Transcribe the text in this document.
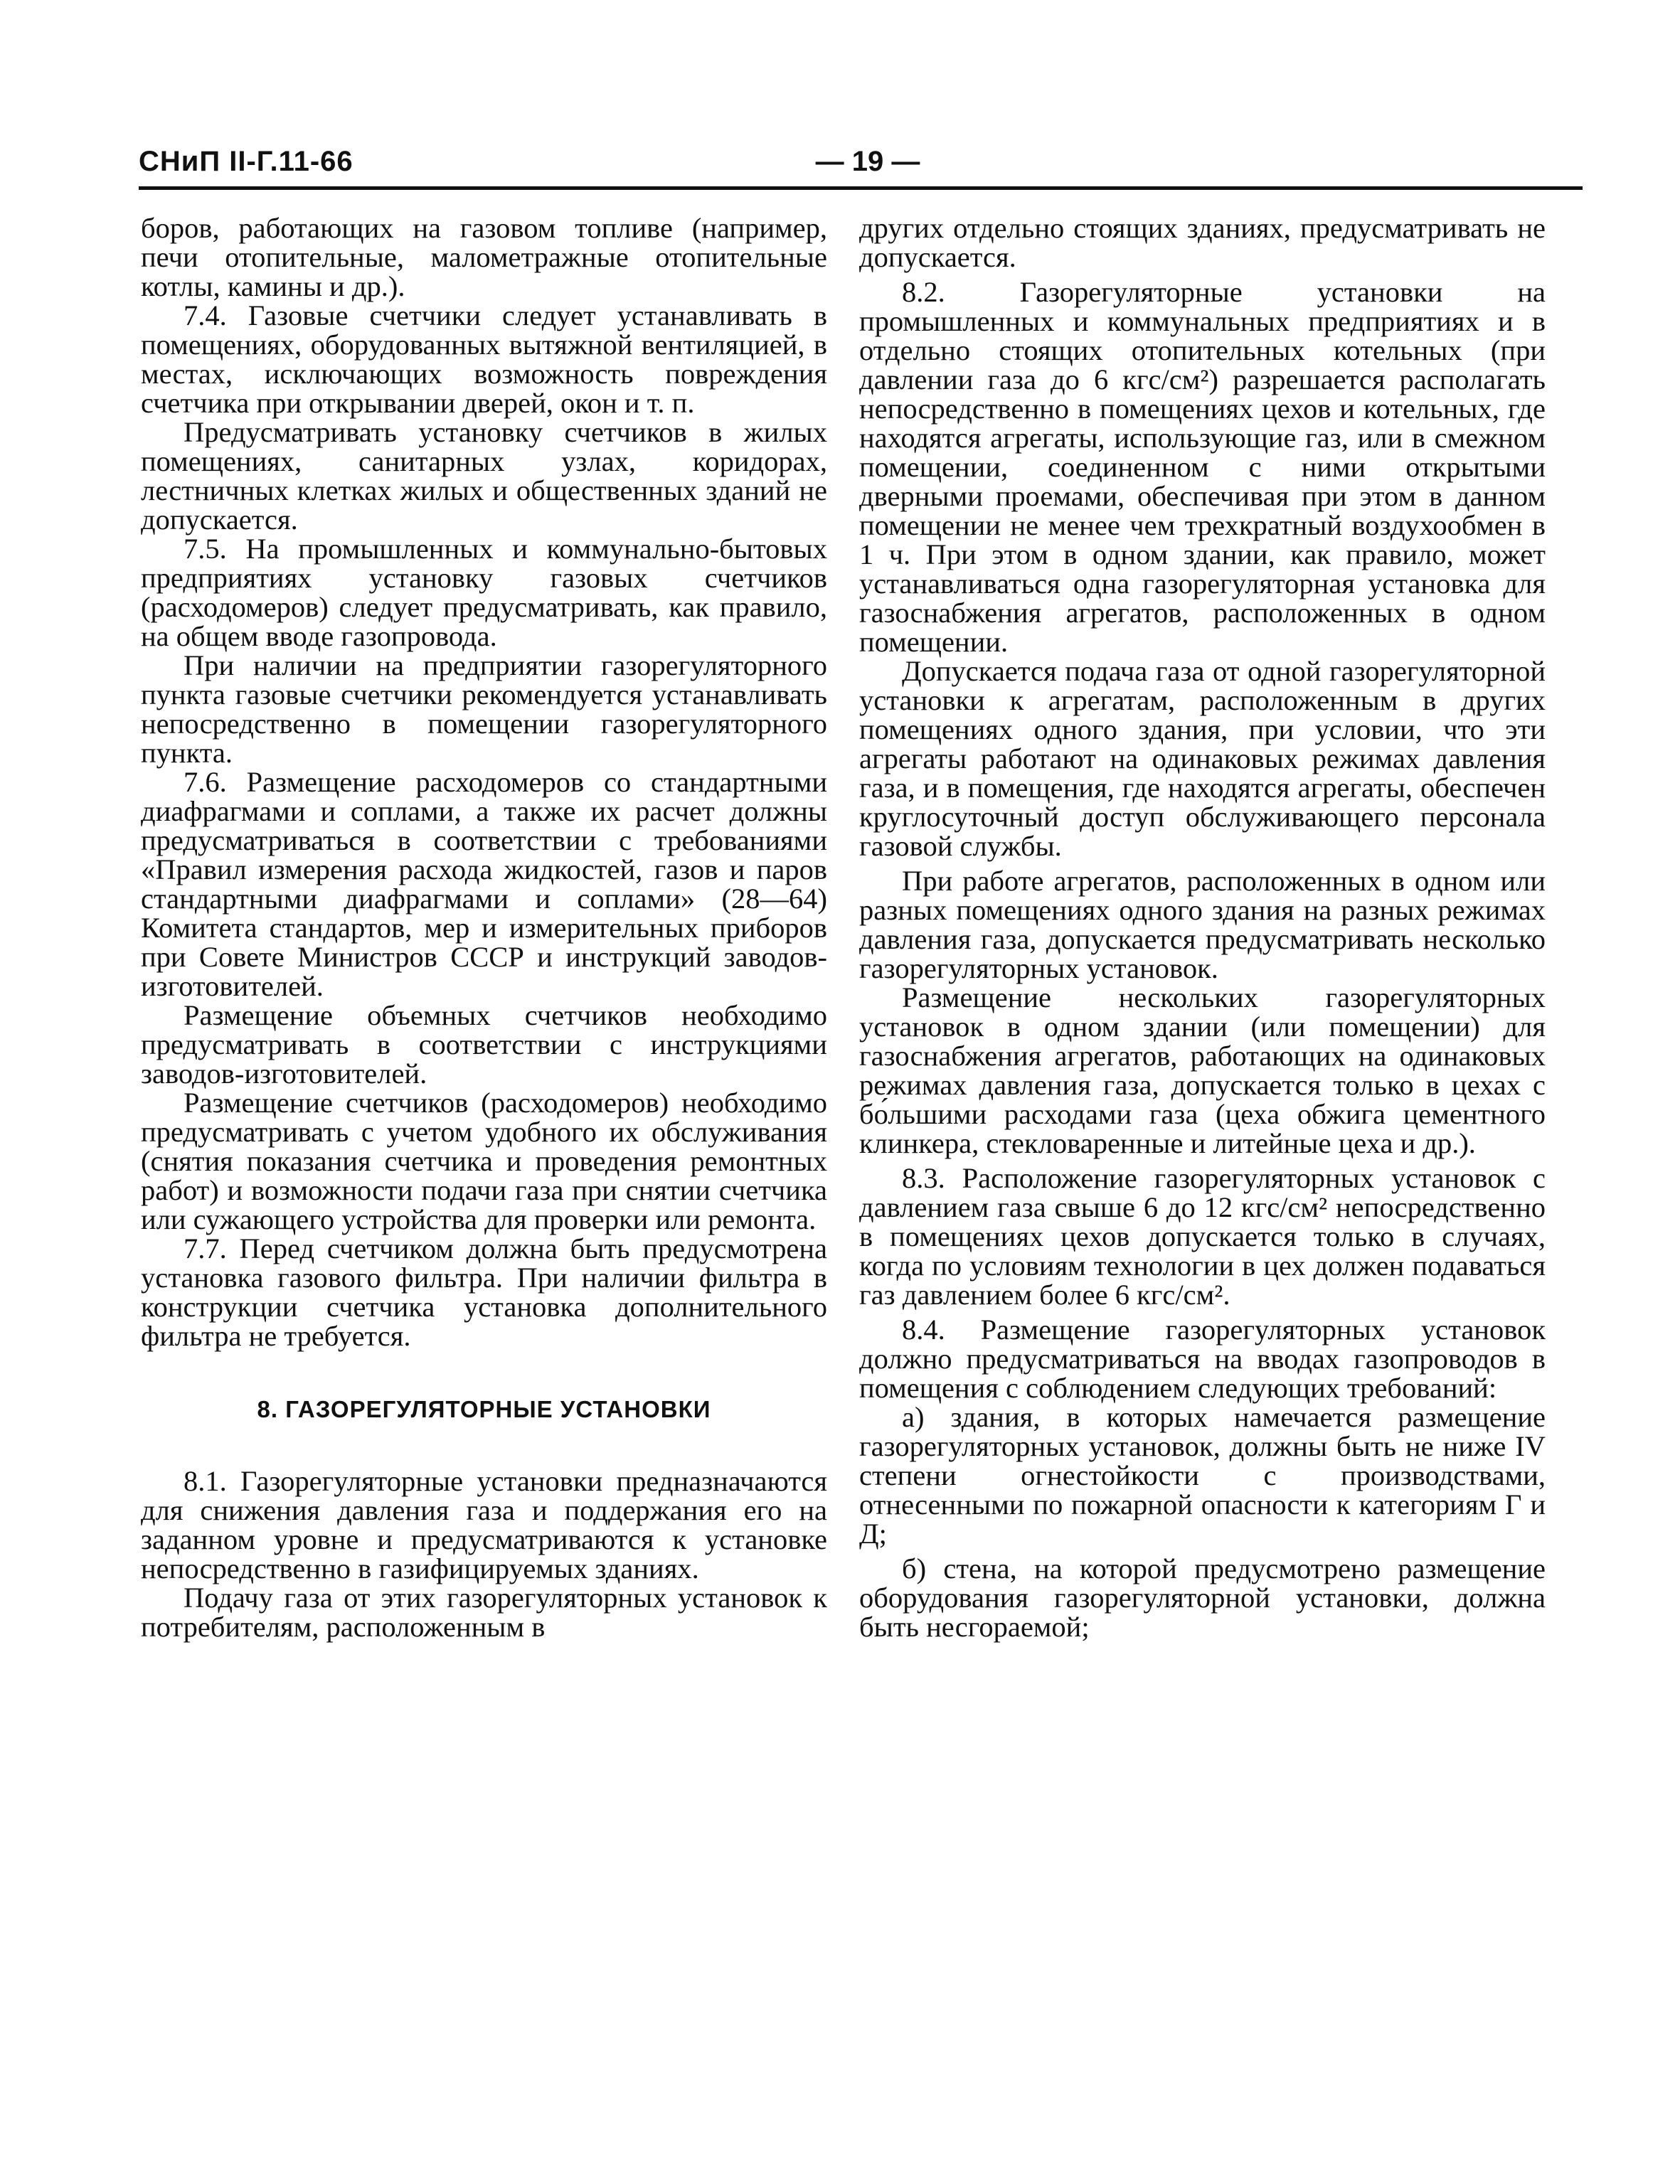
СНиП II-Г.11-66	— 19 —

боров, работающих на газовом топливе (например, печи отопительные, малометражные отопительные котлы, камины и др.).

7.4. Газовые счетчики следует устанавливать в помещениях, оборудованных вытяжной вентиляцией, в местах, исключающих возможность повреждения счетчика при открывании дверей, окон и т. п.

Предусматривать установку счетчиков в жилых помещениях, санитарных узлах, коридорах, лестничных клетках жилых и общественных зданий не допускается.

7.5. На промышленных и коммунально-бытовых предприятиях установку газовых счетчиков (расходомеров) следует предусматривать, как правило, на общем вводе газопровода.

При наличии на предприятии газорегуляторного пункта газовые счетчики рекомендуется устанавливать непосредственно в помещении газорегуляторного пункта.

7.6. Размещение расходомеров со стандартными диафрагмами и соплами, а также их расчет должны предусматриваться в соответствии с требованиями «Правил измерения расхода жидкостей, газов и паров стандартными диафрагмами и соплами» (28—64) Комитета стандартов, мер и измерительных приборов при Совете Министров СССР и инструкций заводов-изготовителей.

Размещение объемных счетчиков необходимо предусматривать в соответствии с инструкциями заводов-изготовителей.

Размещение счетчиков (расходомеров) необходимо предусматривать с учетом удобного их обслуживания (снятия показания счетчика и проведения ремонтных работ) и возможности подачи газа при снятии счетчика или сужающего устройства для проверки или ремонта.

7.7. Перед счетчиком должна быть предусмотрена установка газового фильтра. При наличии фильтра в конструкции счетчика установка дополнительного фильтра не требуется.

8. ГАЗОРЕГУЛЯТОРНЫЕ УСТАНОВКИ

8.1. Газорегуляторные установки предназначаются для снижения давления газа и поддержания его на заданном уровне и предусматриваются к установке непосредственно в газифицируемых зданиях.

Подачу газа от этих газорегуляторных установок к потребителям, расположенным в

других отдельно стоящих зданиях, предусматривать не допускается.

8.2. Газорегуляторные установки на промышленных и коммунальных предприятиях и в отдельно стоящих отопительных котельных (при давлении газа до 6 кгс/см²) разрешается располагать непосредственно в помещениях цехов и котельных, где находятся агрегаты, использующие газ, или в смежном помещении, соединенном с ними открытыми дверными проемами, обеспечивая при этом в данном помещении не менее чем трехкратный воздухообмен в 1 ч. При этом в одном здании, как правило, может устанавливаться одна газорегуляторная установка для газоснабжения агрегатов, расположенных в одном помещении.

Допускается подача газа от одной газорегуляторной установки к агрегатам, расположенным в других помещениях одного здания, при условии, что эти агрегаты работают на одинаковых режимах давления газа, и в помещения, где находятся агрегаты, обеспечен круглосуточный доступ обслуживающего персонала газовой службы.

При работе агрегатов, расположенных в одном или разных помещениях одного здания на разных режимах давления газа, допускается предусматривать несколько газорегуляторных установок.

Размещение нескольких газорегуляторных установок в одном здании (или помещении) для газоснабжения агрегатов, работающих на одинаковых режимах давления газа, допускается только в цехах с бо́льшими расходами газа (цеха обжига цементного клинкера, стекловаренные и литейные цеха и др.).

8.3. Расположение газорегуляторных установок с давлением газа свыше 6 до 12 кгс/см² непосредственно в помещениях цехов допускается только в случаях, когда по условиям технологии в цех должен подаваться газ давлением более 6 кгс/см².

8.4. Размещение газорегуляторных установок должно предусматриваться на вводах газопроводов в помещения с соблюдением следующих требований:

а) здания, в которых намечается размещение газорегуляторных установок, должны быть не ниже IV степени огнестойкости с производствами, отнесенными по пожарной опасности к категориям Г и Д;

б) стена, на которой предусмотрено размещение оборудования газорегуляторной установки, должна быть несгораемой;
